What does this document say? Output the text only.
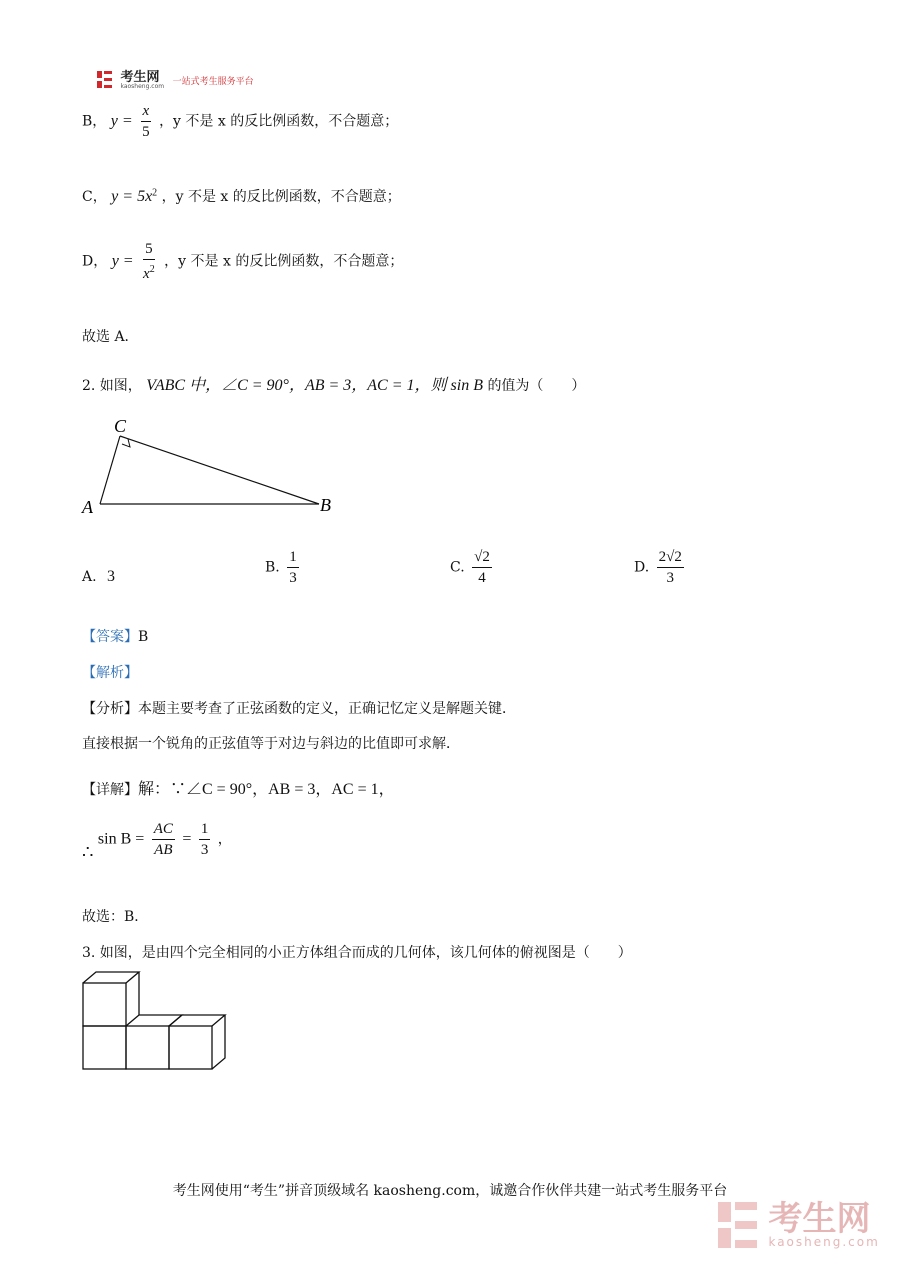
考生网
kaosheng.com 一站式考生服务平台
B， $y = \frac{x}{5}$ ，y 不是 x 的反比例函数，不合题意；
C， $y = 5x^2$ ，y 不是 x 的反比例函数，不合题意；
D， $y = \frac{5}{x^2}$ ，y 不是 x 的反比例函数，不合题意；
故选 A．
2. 如图， VABC 中，∠C = 90°，AB = 3，AC = 1，则 sin B 的值为（　　）
C
A	B
A. 3
B. $\frac{1}{3}$	C. $\frac{√2}{4}$	D. $\frac{2√2}{3}$
【答案】B
【解析】
【分析】本题主要考查了正弦函数的定义，正确记忆定义是解题关键．
直接根据一个锐角的正弦值等于对边与斜边的比值即可求解．
【详解】解：∵∠C = 90°，AB = 3，AC = 1，
∴ $\sin B = \frac{AC}{AB} = \frac{1}{3}$ ，
故选：B．
3. 如图，是由四个完全相同的小正方体组合而成的几何体，该几何体的俯视图是（　　）
考生网使用“考生”拼音顶级域名 kaosheng.com，诚邀合作伙伴共建一站式考生服务平台

考生网
kaosheng.com
